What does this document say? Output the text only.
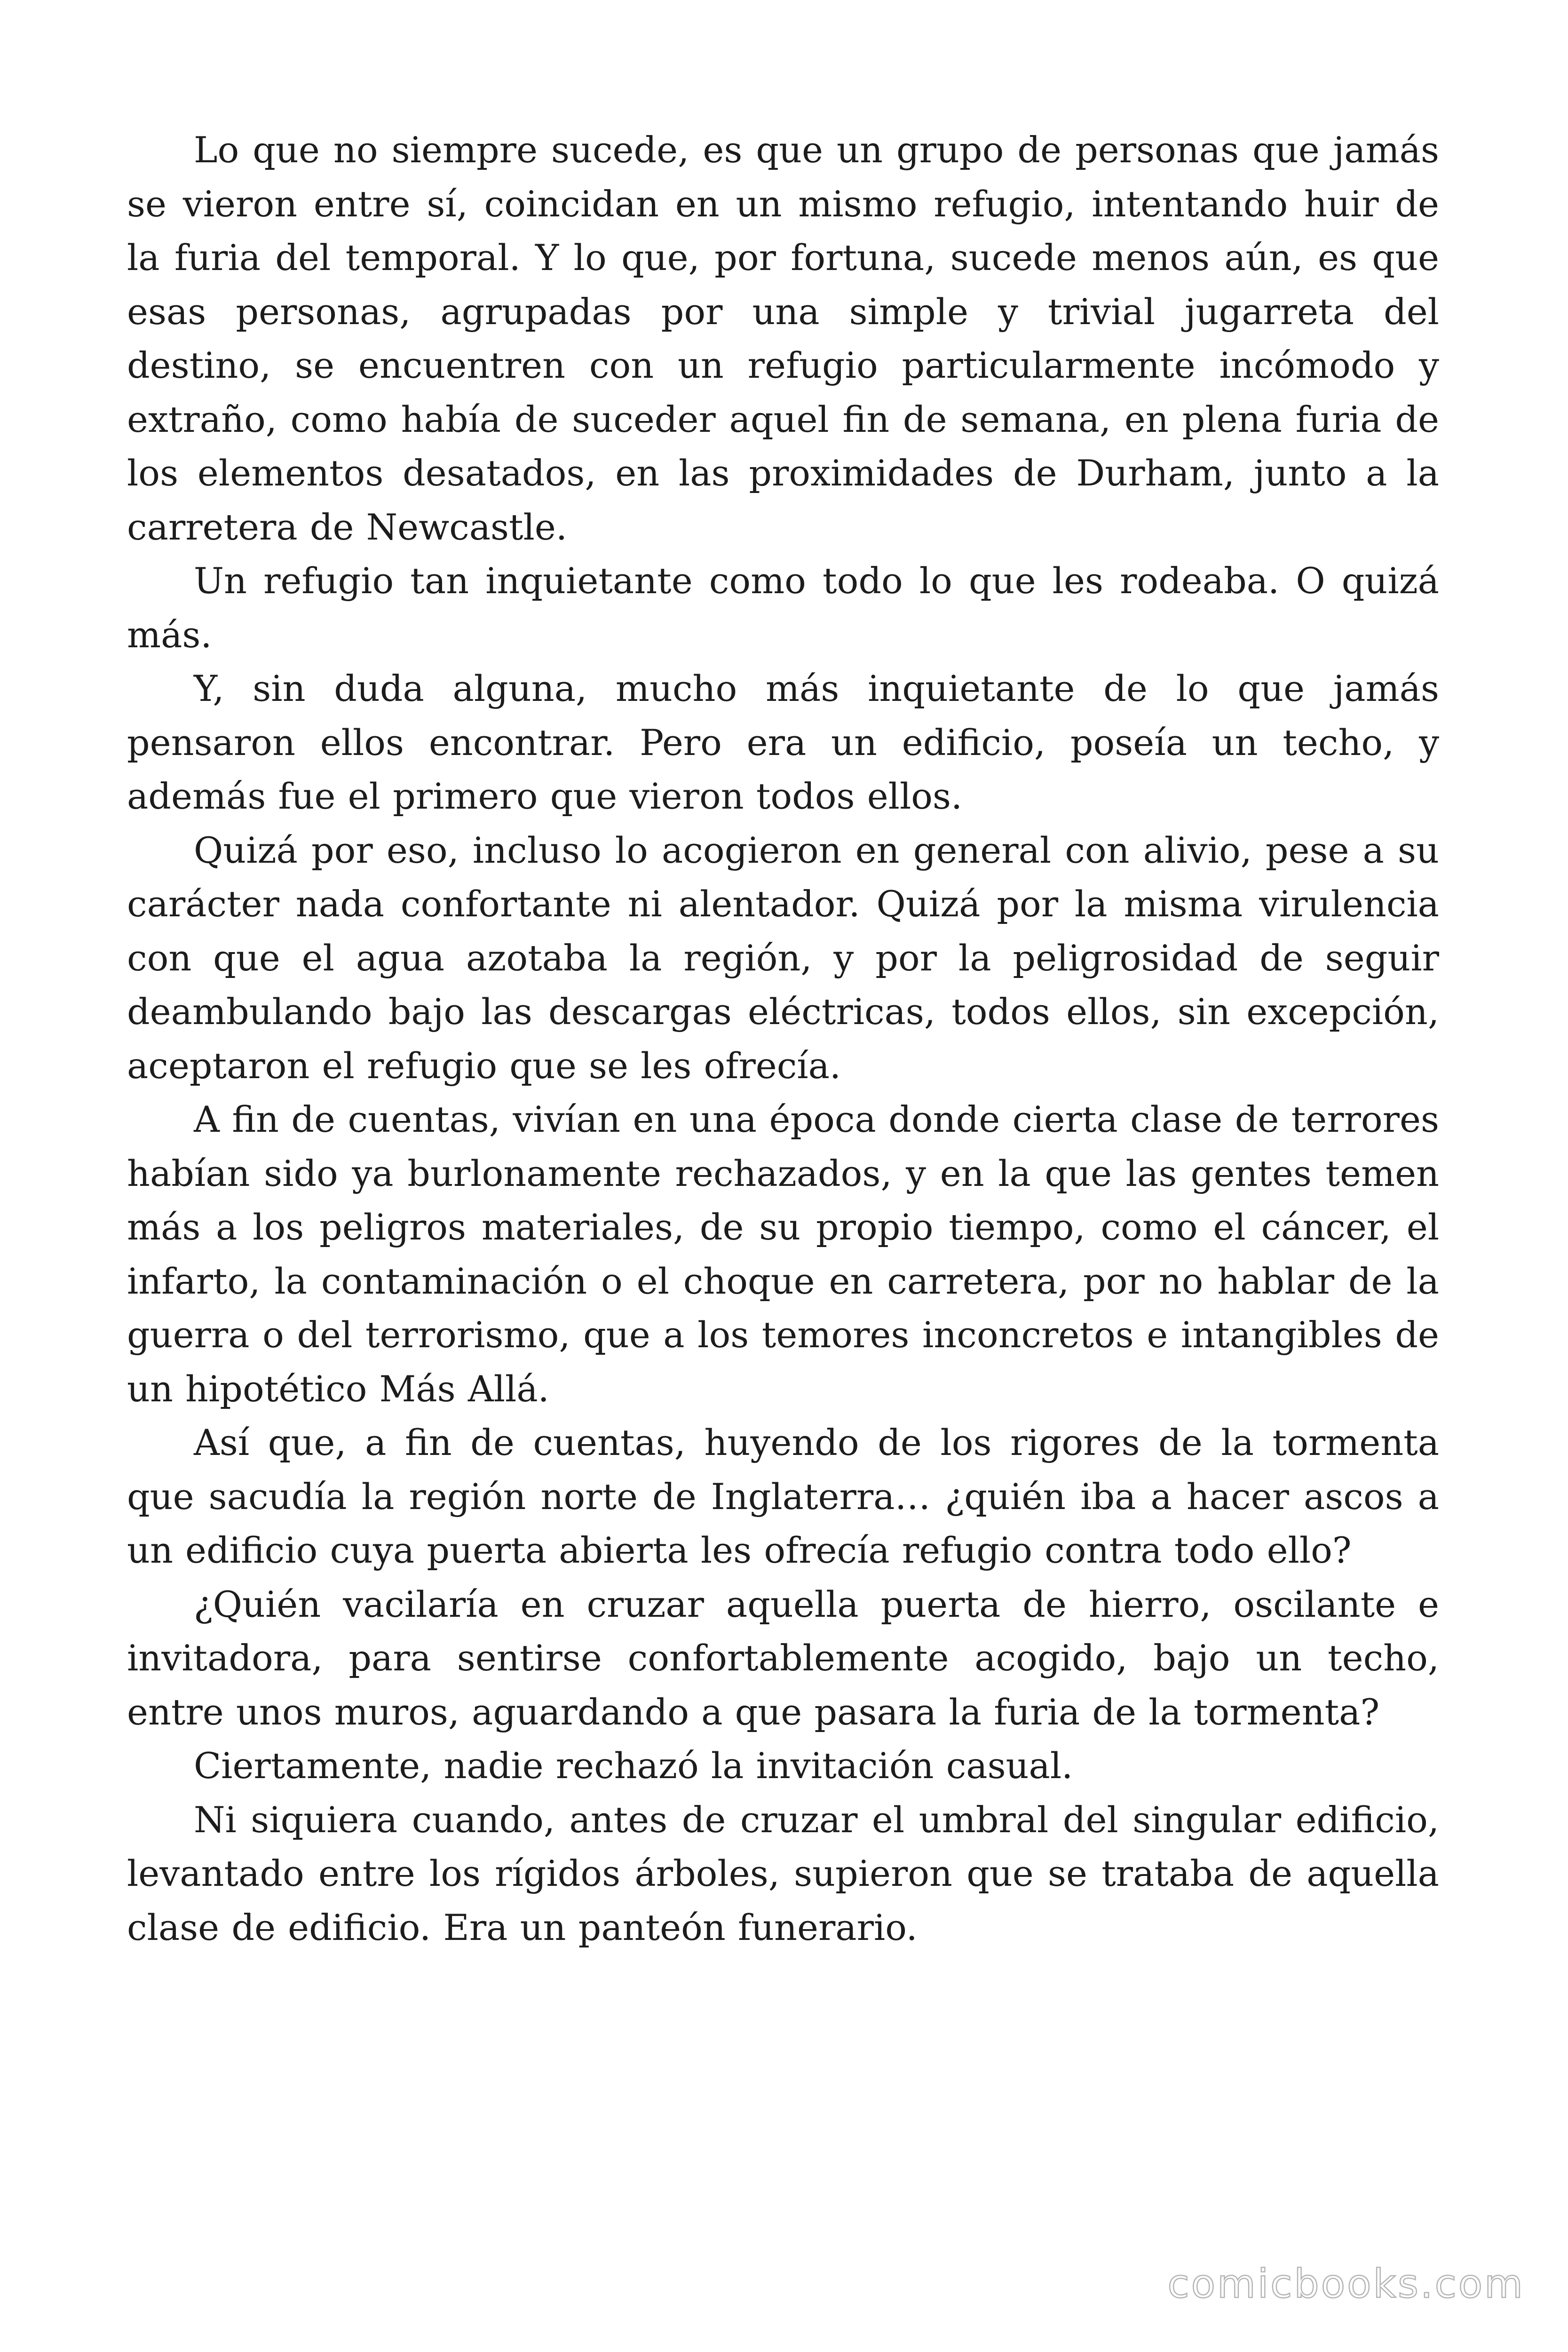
Lo que no siempre sucede, es que un grupo de personas que jamás se vieron entre sí, coincidan en un mismo refugio, intentando huir de la furia del temporal. Y lo que, por fortuna, sucede menos aún, es que esas personas, agrupadas por una simple y trivial jugarreta del destino, se encuentren con un refugio particularmente incómodo y extraño, como había de suceder aquel fin de semana, en plena furia de los elementos desatados, en las proximidades de Durham, junto a la carretera de Newcastle.

Un refugio tan inquietante como todo lo que les rodeaba. O quizá más.

Y, sin duda alguna, mucho más inquietante de lo que jamás pensaron ellos encontrar. Pero era un edificio, poseía un techo, y además fue el primero que vieron todos ellos.

Quizá por eso, incluso lo acogieron en general con alivio, pese a su carácter nada confortante ni alentador. Quizá por la misma virulencia con que el agua azotaba la región, y por la peligrosidad de seguir deambulando bajo las descargas eléctricas, todos ellos, sin excepción, aceptaron el refugio que se les ofrecía.

A fin de cuentas, vivían en una época donde cierta clase de terrores habían sido ya burlonamente rechazados, y en la que las gentes temen más a los peligros materiales, de su propio tiempo, como el cáncer, el infarto, la contaminación o el choque en carretera, por no hablar de la guerra o del terrorismo, que a los temores inconcretos e intangibles de un hipotético Más Allá.

Así que, a fin de cuentas, huyendo de los rigores de la tormenta que sacudía la región norte de Inglaterra… ¿quién iba a hacer ascos a un edificio cuya puerta abierta les ofrecía refugio contra todo ello?

¿Quién vacilaría en cruzar aquella puerta de hierro, oscilante e invitadora, para sentirse confortablemente acogido, bajo un techo, entre unos muros, aguardando a que pasara la furia de la tormenta?

Ciertamente, nadie rechazó la invitación casual.

Ni siquiera cuando, antes de cruzar el umbral del singular edificio, levantado entre los rígidos árboles, supieron que se trataba de aquella clase de edificio. Era un panteón funerario.

comicbooks.com
